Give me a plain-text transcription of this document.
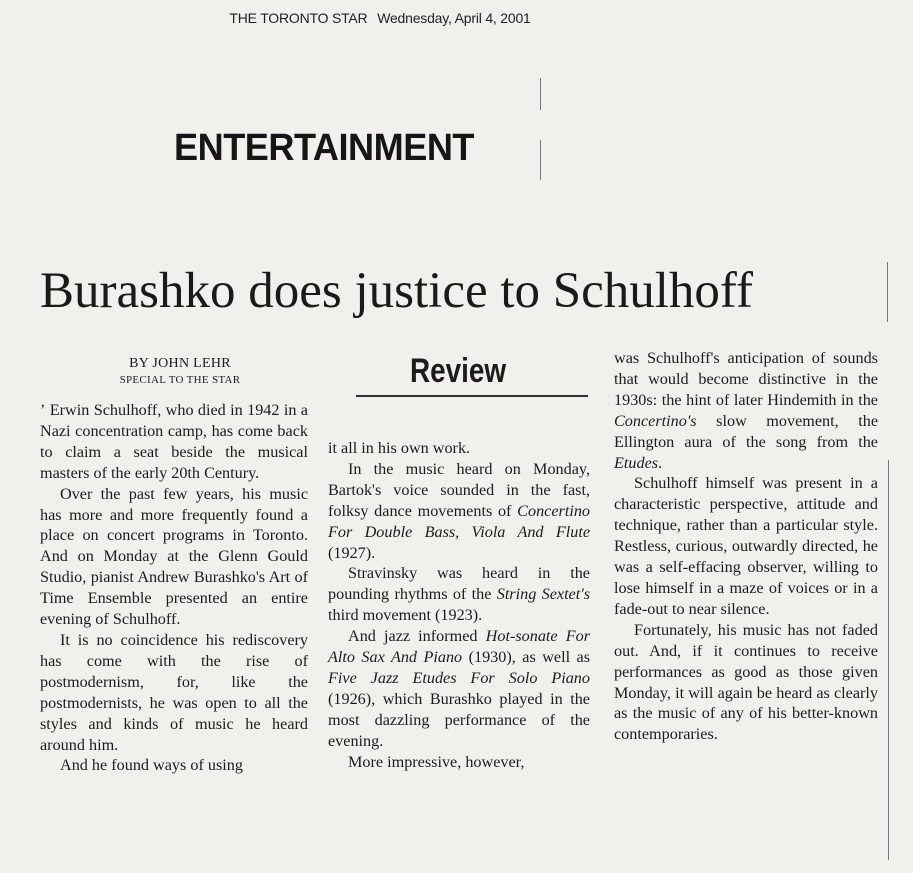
THE TORONTO STAR Wednesday, April 4, 2001
ENTERTAINMENT
Burashko does justice to Schulhoff
BY JOHN LEHR
SPECIAL TO THE STAR	Review

’ Erwin Schulhoff, who died in 1942 in a Nazi concentration camp, has come back to claim a seat beside the musical masters of the early 20th Century.

Over the past few years, his music has more and more frequently found a place on concert programs in Toronto. And on Monday at the Glenn Gould Studio, pianist Andrew Burashko's Art of Time Ensemble presented an entire evening of Schulhoff.

It is no coincidence his rediscovery has come with the rise of postmodernism, for, like the postmodernists, he was open to all the styles and kinds of music he heard around him.

And he found ways of using

it all in his own work.

In the music heard on Monday, Bartok's voice sounded in the fast, folksy dance movements of Concertino For Double Bass, Viola And Flute (1927).

Stravinsky was heard in the pounding rhythms of the String Sextet's third movement (1923).

And jazz informed Hot-sonate For Alto Sax And Piano (1930), as well as Five Jazz Etudes For Solo Piano (1926), which Burashko played in the most dazzling performance of the evening.

More impressive, however,

was Schulhoff's anticipation of sounds that would become distinctive in the 1930s: the hint of later Hindemith in the Concertino's slow movement, the Ellington aura of the song from the Etudes.

Schulhoff himself was present in a characteristic perspective, attitude and technique, rather than a particular style. Restless, curious, outwardly directed, he was a self-effacing observer, willing to lose himself in a maze of voices or in a fade-out to near silence.

Fortunately, his music has not faded out. And, if it continues to receive performances as good as those given Monday, it will again be heard as clearly as the music of any of his better-known contemporaries.
